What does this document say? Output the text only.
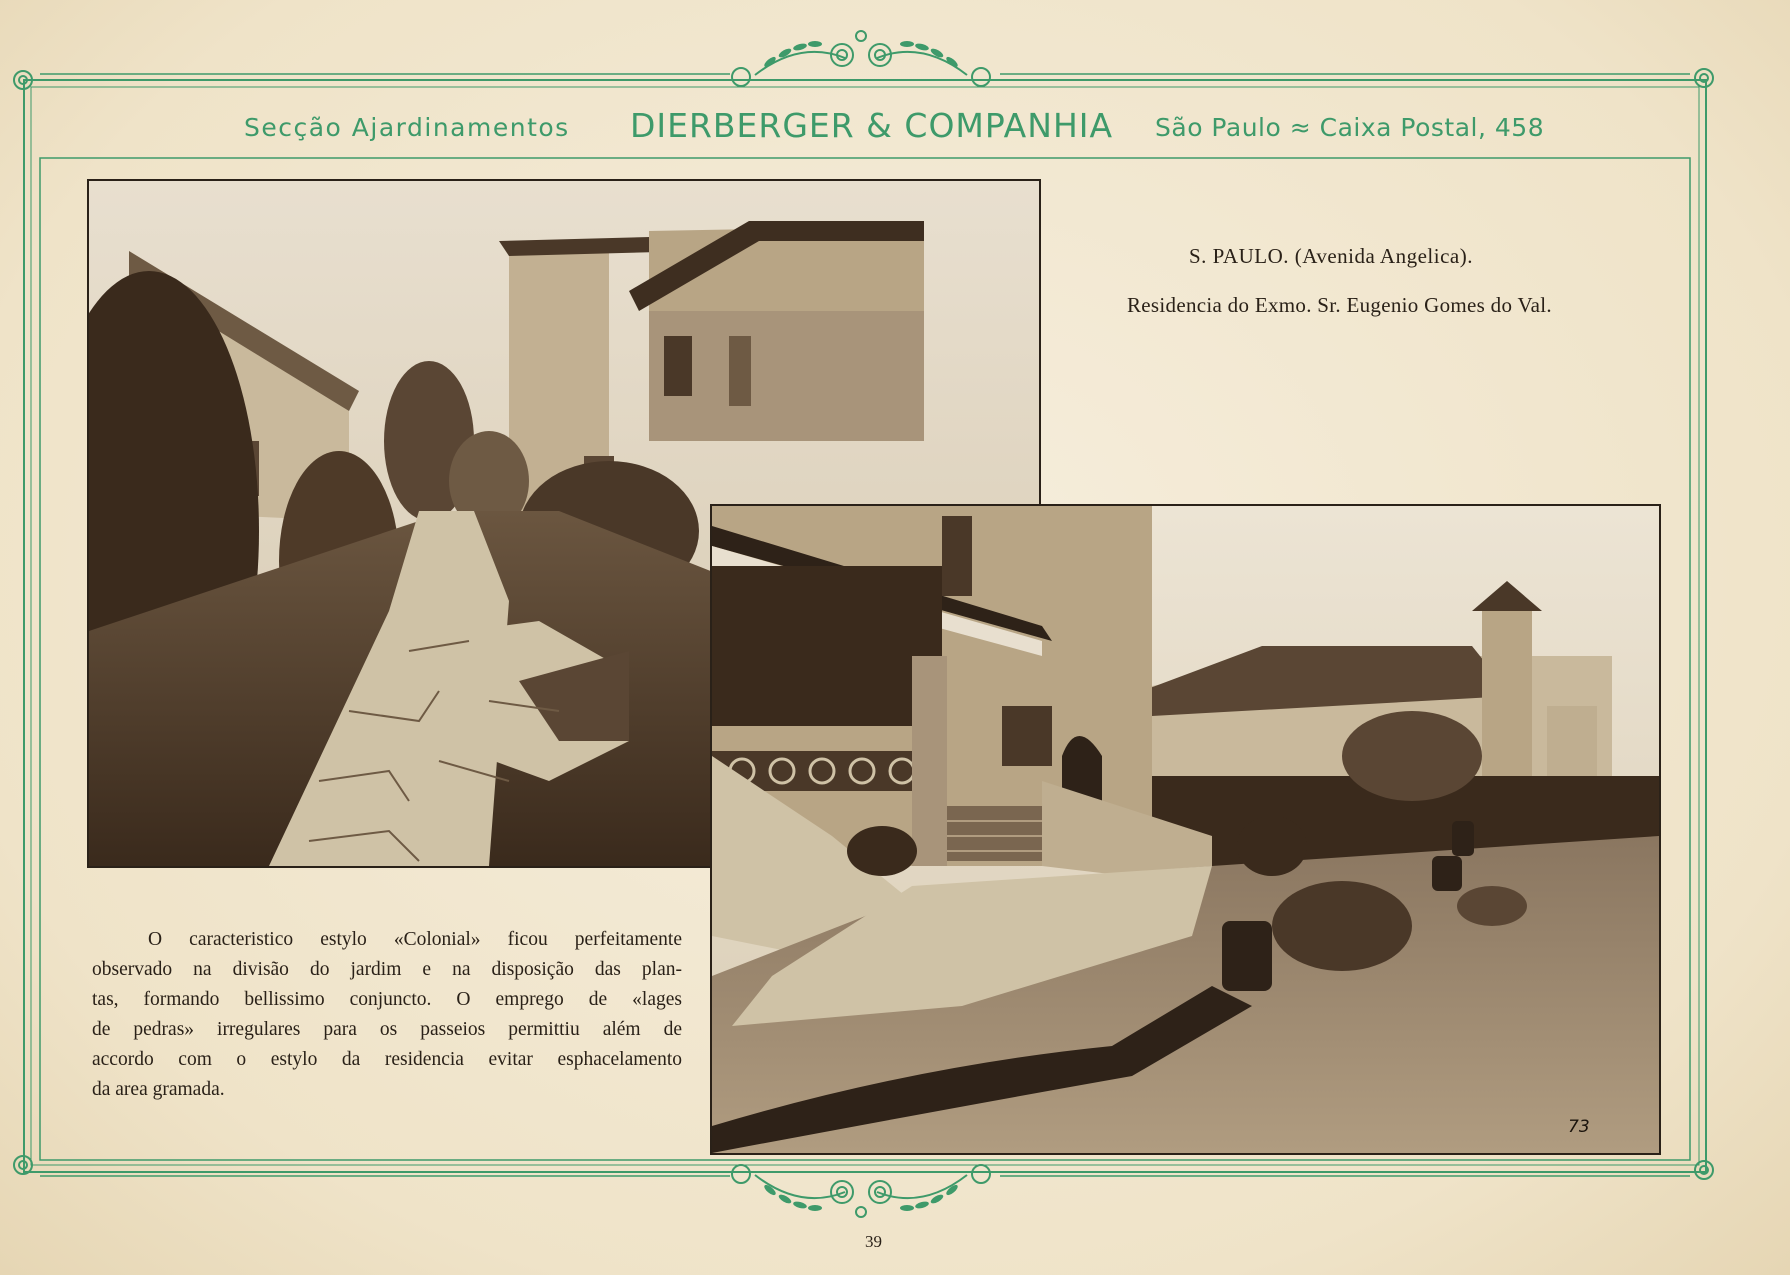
Secção Ajardinamentos DIERBERGER & COMPANHIA São Paulo ≈ Caixa Postal, 458
73
S. PAULO. (Avenida Angelica).
Residencia do Exmo. Sr. Eugenio Gomes do Val.
O caracteristico estylo «Colonial» ficou perfeitamente
observado na divisão do jardim e na disposição das plan-
tas, formando bellissimo conjuncto. O emprego de «lages
de pedras» irregulares para os passeios permittiu além de
accordo com o estylo da residencia evitar esphacelamento
da area gramada.
39
